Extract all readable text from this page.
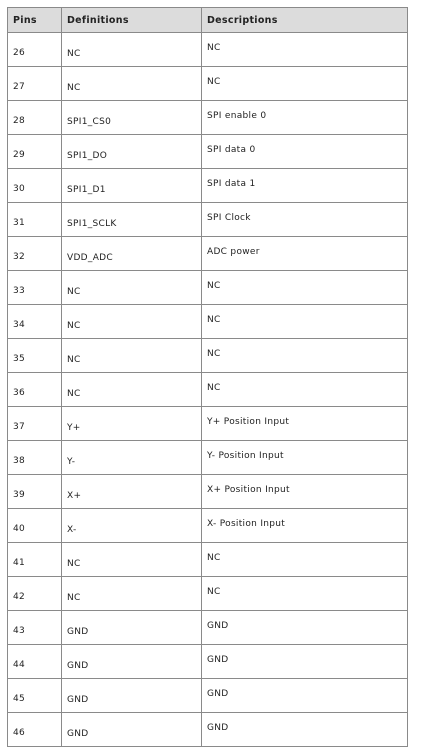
Pins	Definitions	Descriptions
26	NC	NC
27	NC	NC
28	SPI1_CS0	SPI enable 0
29	SPI1_DO	SPI data 0
30	SPI1_D1	SPI data 1
31	SPI1_SCLK	SPI Clock
32	VDD_ADC	ADC power
33	NC	NC
34	NC	NC
35	NC	NC
36	NC	NC
37	Y+	Y+ Position Input
38	Y-	Y- Position Input
39	X+	X+ Position Input
40	X-	X- Position Input
41	NC	NC
42	NC	NC
43	GND	GND
44	GND	GND
45	GND	GND
46	GND	GND
